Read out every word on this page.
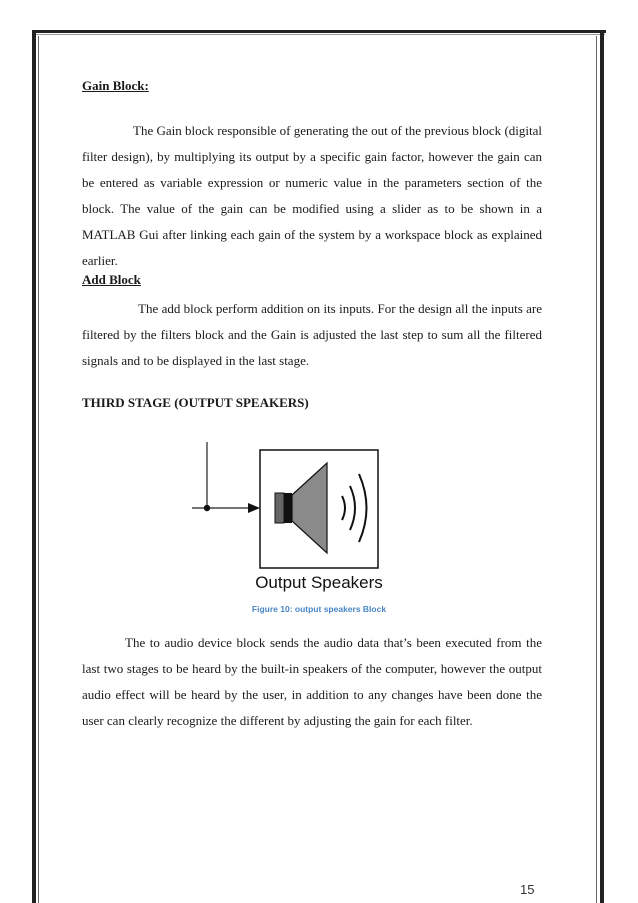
Gain Block:

The Gain block responsible of generating the out of the previous block (digital filter design), by multiplying its output by a specific gain factor, however the gain can be entered as variable expression or numeric value in the parameters section of the block. The value of the gain can be modified using a slider as to be shown in a MATLAB Gui after linking each gain of the system by a workspace block as explained earlier.

Add Block

The add block perform addition on its inputs. For the design all the inputs are filtered by the filters block and the Gain is adjusted the last step to sum all the filtered signals and to be displayed in the last stage.

THIRD STAGE (OUTPUT SPEAKERS)

The to audio device block sends the audio data that’s been executed from the last two stages to be heard by the built-in speakers of the computer, however the output audio effect will be heard by the user, in addition to any changes have been done the user can clearly recognize the different by adjusting the gain for each filter.

Output Speakers
Figure 10: output speakers Block
15
